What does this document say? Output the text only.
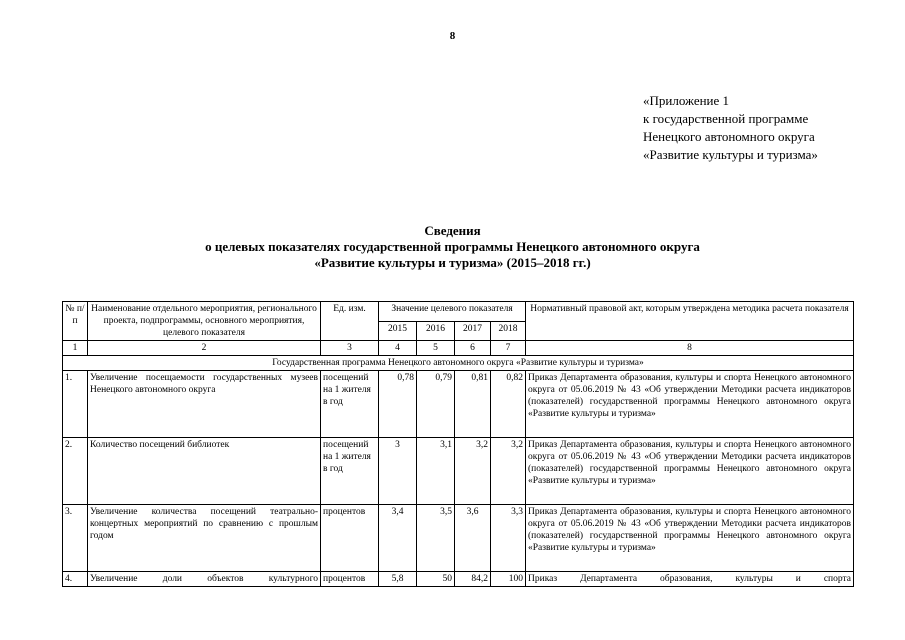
8
«Приложение 1
к государственной программе
Ненецкого автономного округа
«Развитие культуры и туризма»
Сведения
о целевых показателях государственной программы Ненецкого автономного округа
«Развитие культуры и туризма» (2015–2018 гг.)
№ п/п	Наименование отдельного мероприятия, регионального проекта, подпрограммы, основного мероприятия, целевого показателя	Ед. изм.	Значение целевого показателя				Нормативный правовой акт, которым утверждена методика расчета показателя
			2015	2016	2017	2018	
1	2	3	4	5	6	7	8
Государственная программа Ненецкого автономного округа «Развитие культуры и туризма»							
1.	Увеличение посещаемости государственных музеев Ненецкого автономного округа	посещений на 1 жителя в год	0,78	0,79	0,81	0,82	Приказ Департамента образования, культуры и спорта Ненецкого автономного округа от 05.06.2019 № 43 «Об утверждении Методики расчета индикаторов (показателей) государственной программы Ненецкого автономного округа «Развитие культуры и туризма»
2.	Количество посещений библиотек	посещений на 1 жителя в год	3	3,1	3,2	3,2	Приказ Департамента образования, культуры и спорта Ненецкого автономного округа от 05.06.2019 № 43 «Об утверждении Методики расчета индикаторов (показателей) государственной программы Ненецкого автономного округа «Развитие культуры и туризма»
3.	Увеличение количества посещений театрально-концертных мероприятий по сравнению с прошлым годом	процентов	3,4	3,5	3,6	3,3	Приказ Департамента образования, культуры и спорта Ненецкого автономного округа от 05.06.2019 № 43 «Об утверждении Методики расчета индикаторов (показателей) государственной программы Ненецкого автономного округа «Развитие культуры и туризма»
4.	Увеличение доли объектов культурного	процентов	5,8	50	84,2	100	Приказ Департамента образования, культуры и спорта
